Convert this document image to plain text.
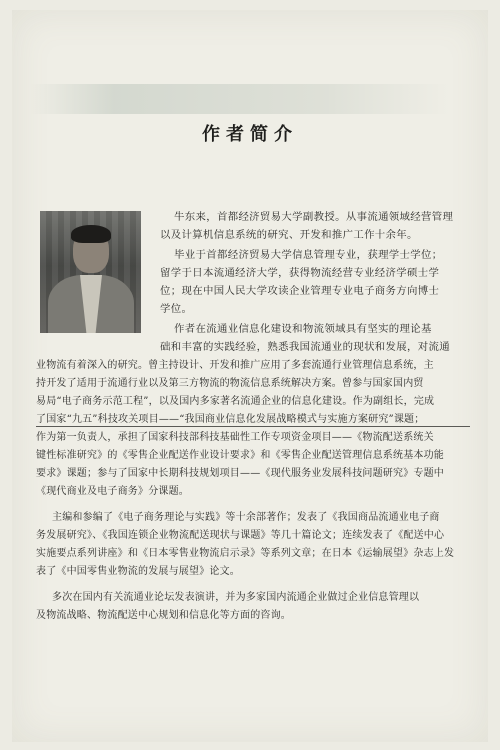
作者简介
牛东来，首都经济贸易大学副教授。从事流通领域经营管理
以及计算机信息系统的研究、开发和推广工作十余年。
毕业于首都经济贸易大学信息管理专业，获理学士学位；
留学于日本流通经济大学，获得物流经营专业经济学硕士学
位；现在中国人民大学攻读企业管理专业电子商务方向博士
学位。
作者在流通业信息化建设和物流领域具有坚实的理论基
础和丰富的实践经验，熟悉我国流通业的现状和发展，对流通
业物流有着深入的研究。曾主持设计、开发和推广应用了多套流通行业管理信息系统，主
持开发了适用于流通行业以及第三方物流的物流信息系统解决方案。曾参与国家国内贸
易局“电子商务示范工程”，以及国内多家著名流通企业的信息化建设。作为副组长，完成
了国家“九五”科技攻关项目——“我国商业信息化发展战略模式与实施方案研究”课题；
作为第一负责人，承担了国家科技部科技基础性工作专项资金项目——《物流配送系统关
键性标准研究》的《零售企业配送作业设计要求》和《零售企业配送管理信息系统基本功能
要求》课题；参与了国家中长期科技规划项目——《现代服务业发展科技问题研究》专题中
《现代商业及电子商务》分课题。
主编和参编了《电子商务理论与实践》等十余部著作；发表了《我国商品流通业电子商
务发展研究》、《我国连锁企业物流配送现状与课题》等几十篇论文；连续发表了《配送中心
实施要点系列讲座》和《日本零售业物流启示录》等系列文章；在日本《运输展望》杂志上发
表了《中国零售业物流的发展与展望》论文。
多次在国内有关流通业论坛发表演讲，并为多家国内流通企业做过企业信息管理以
及物流战略、物流配送中心规划和信息化等方面的咨询。
